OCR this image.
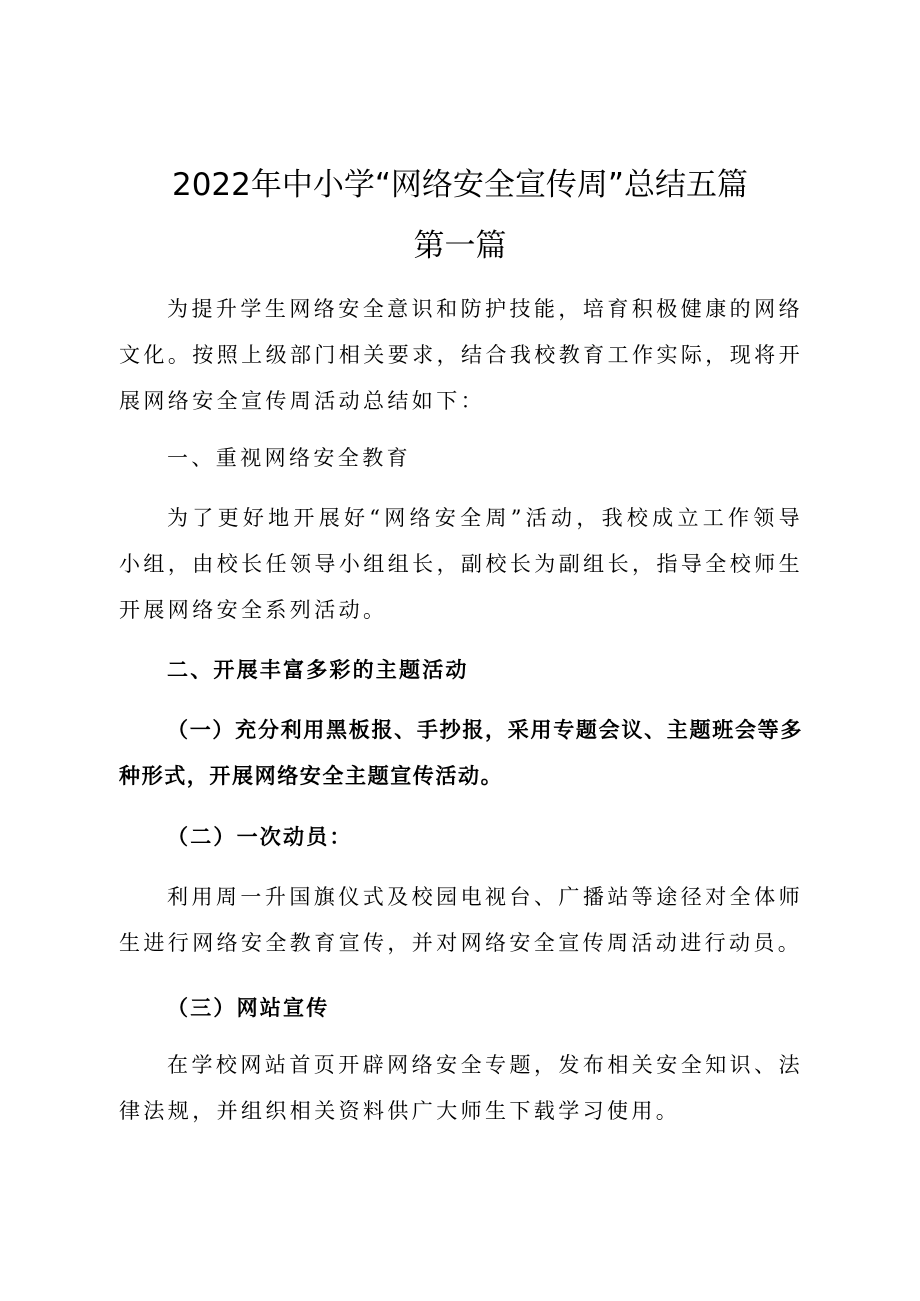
2022年中小学“网络安全宣传周”总结五篇
第一篇

为提升学生网络安全意识和防护技能，培育积极健康的网络文化。按照上级部门相关要求，结合我校教育工作实际，现将开展网络安全宣传周活动总结如下：

一、重视网络安全教育

为了更好地开展好“网络安全周”活动，我校成立工作领导小组，由校长任领导小组组长，副校长为副组长，指导全校师生开展网络安全系列活动。

二、开展丰富多彩的主题活动

（一）充分利用黑板报、手抄报，采用专题会议、主题班会等多种形式，开展网络安全主题宣传活动。

（二）一次动员：

利用周一升国旗仪式及校园电视台、广播站等途径对全体师生进行网络安全教育宣传，并对网络安全宣传周活动进行动员。

（三）网站宣传

在学校网站首页开辟网络安全专题，发布相关安全知识、法律法规，并组织相关资料供广大师生下载学习使用。
